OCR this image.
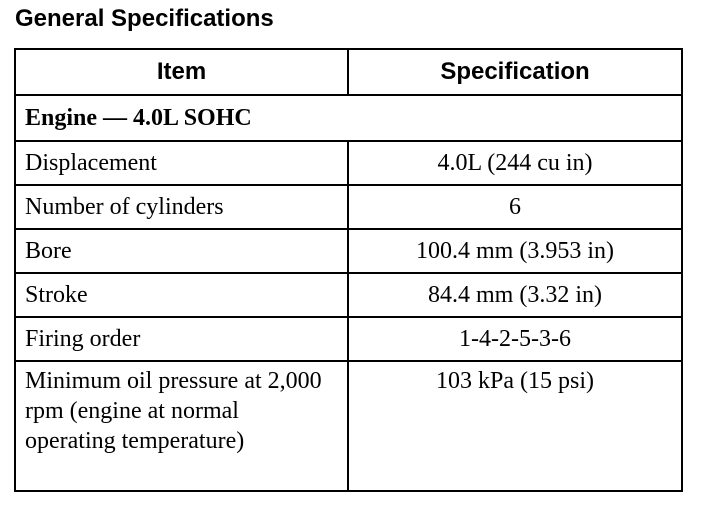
General Specifications
Item	Specification
Engine — 4.0L SOHC	
Displacement	4.0L (244 cu in)
Number of cylinders	6
Bore	100.4 mm (3.953 in)
Stroke	84.4 mm (3.32 in)
Firing order	1-4-2-5-3-6
Minimum oil pressure at 2,000 rpm (engine at normal operating temperature)	103 kPa (15 psi)
